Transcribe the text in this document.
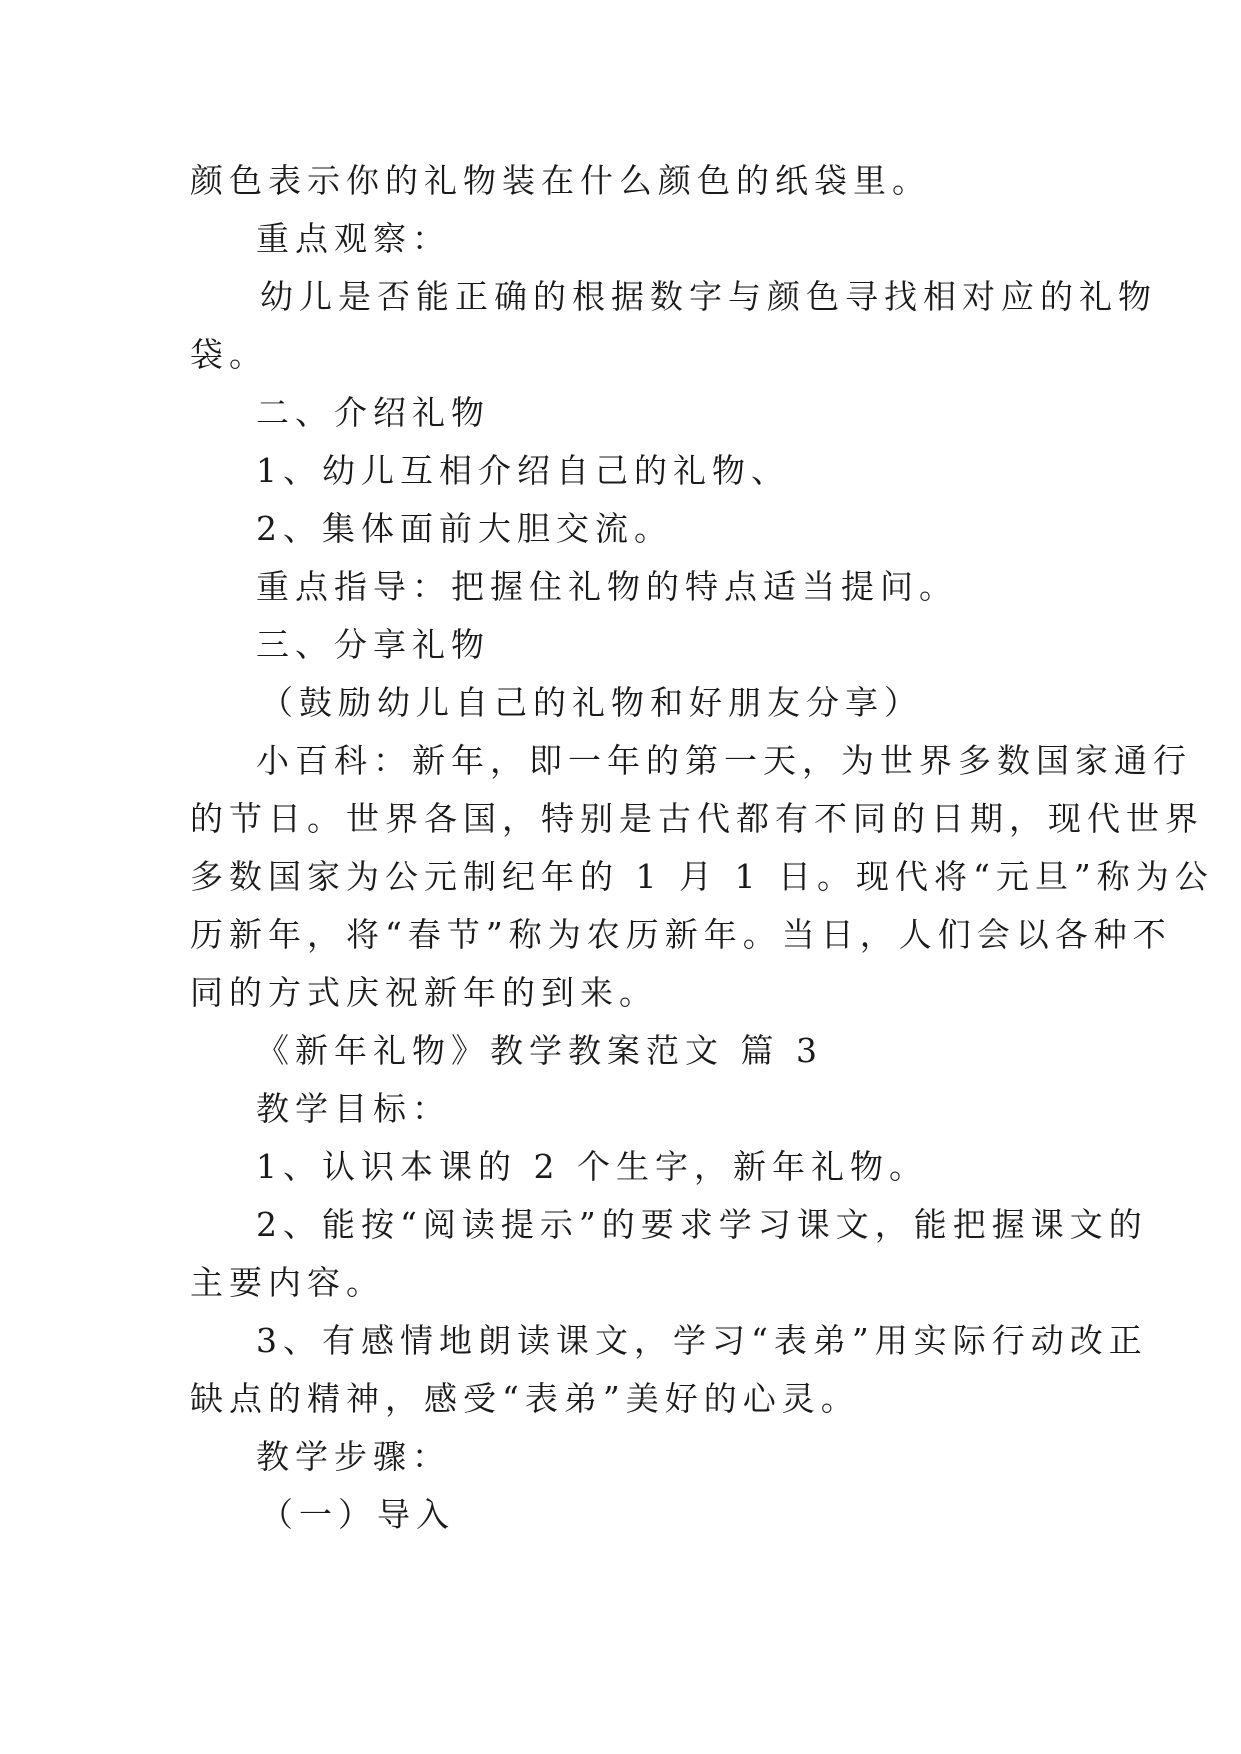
颜色表示你的礼物装在什么颜色的纸袋里。

重点观察：

幼儿是否能正确的根据数字与颜色寻找相对应的礼物

袋。

二、介绍礼物

1、幼儿互相介绍自己的礼物、

2、集体面前大胆交流。

重点指导：把握住礼物的特点适当提问。

三、分享礼物

（鼓励幼儿自己的礼物和好朋友分享）

小百科：新年，即一年的第一天，为世界多数国家通行

的节日。世界各国，特别是古代都有不同的日期，现代世界

多数国家为公元制纪年的 1 月 1 日。现代将“元旦”称为公

历新年，将“春节”称为农历新年。当日，人们会以各种不

同的方式庆祝新年的到来。

《新年礼物》教学教案范文 篇 3

教学目标：

1、认识本课的 2 个生字，新年礼物。

2、能按“阅读提示”的要求学习课文，能把握课文的

主要内容。

3、有感情地朗读课文，学习“表弟”用实际行动改正

缺点的精神，感受“表弟”美好的心灵。

教学步骤：

（一）导入
